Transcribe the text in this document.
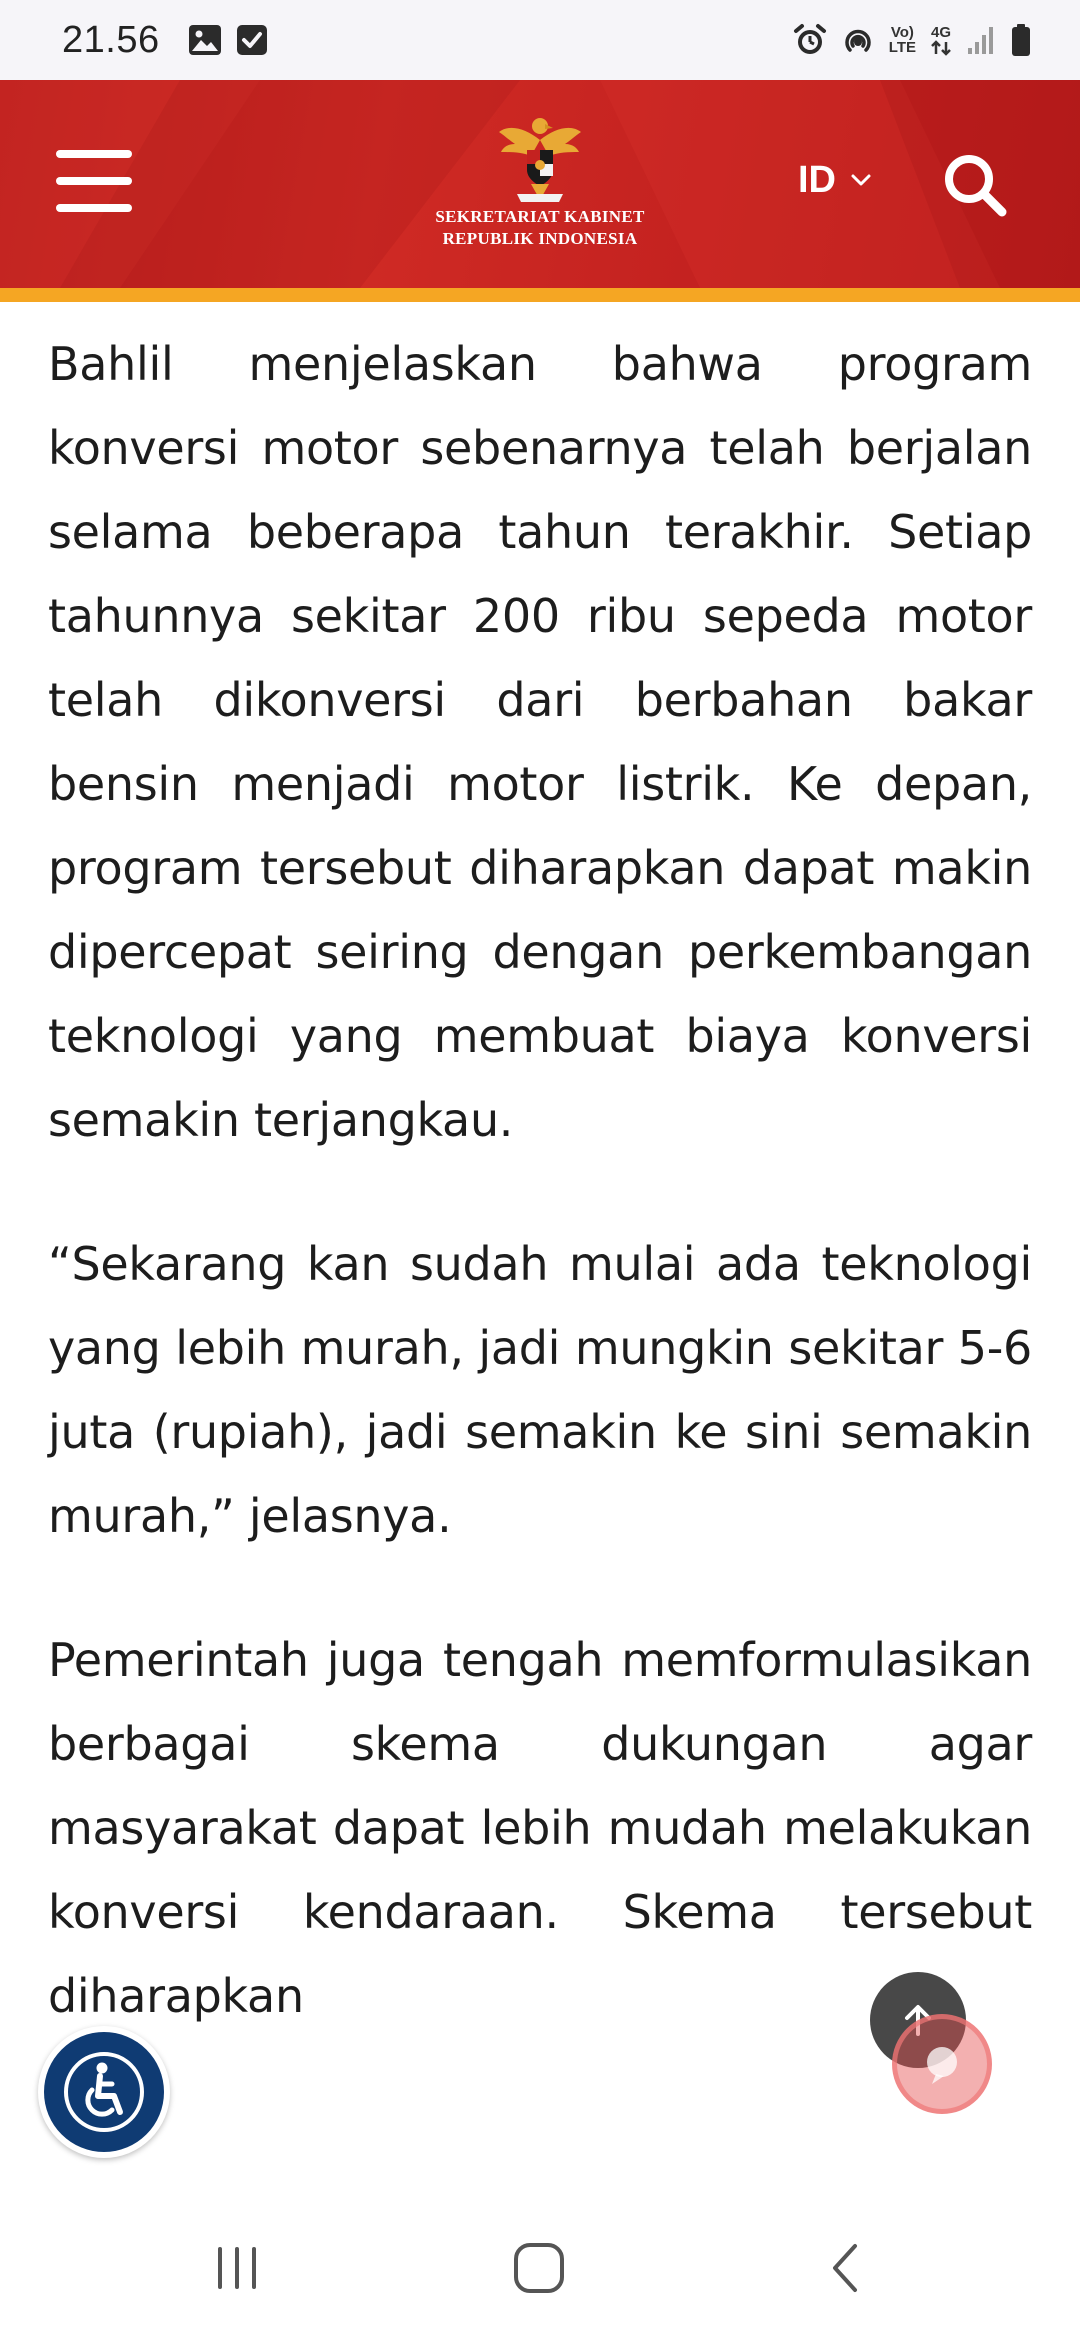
21.56	Vo)
LTE
4G
SEKRETARIAT KABINET
REPUBLIK INDONESIA
ID

Bahlil menjelaskan bahwa program konversi motor sebenarnya telah berjalan selama beberapa tahun terakhir. Setiap tahunnya sekitar 200 ribu sepeda motor telah dikonversi dari berbahan bakar bensin menjadi motor listrik. Ke depan, program tersebut diharapkan dapat makin dipercepat seiring dengan perkembangan teknologi yang membuat biaya konversi semakin terjangkau.

“Sekarang kan sudah mulai ada teknologi yang lebih murah, jadi mungkin sekitar 5-6 juta (rupiah), jadi semakin ke sini semakin murah,” jelasnya.

Pemerintah juga tengah memformulasikan berbagai skema dukungan agar masyarakat dapat lebih mudah melakukan konversi kendaraan. Skema tersebut diharapkan
